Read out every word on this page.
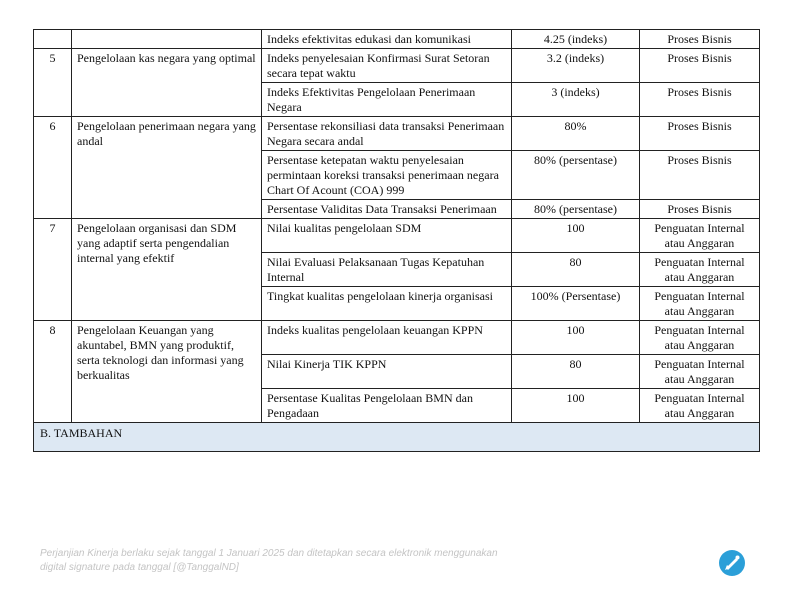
		Indeks efektivitas edukasi dan komunikasi	4.25 (indeks)	Proses Bisnis
5	Pengelolaan kas negara yang optimal	Indeks penyelesaian Konfirmasi Surat Setoran secara tepat waktu	3.2 (indeks)	Proses Bisnis
		Indeks Efektivitas Pengelolaan Penerimaan Negara	3 (indeks)	Proses Bisnis
6	Pengelolaan penerimaan negara yang andal	Persentase rekonsiliasi data transaksi Penerimaan Negara secara andal	80%	Proses Bisnis
		Persentase ketepatan waktu penyelesaian permintaan koreksi transaksi penerimaan negara Chart Of Acount (COA) 999	80% (persentase)	Proses Bisnis
		Persentase Validitas Data Transaksi Penerimaan	80% (persentase)	Proses Bisnis
7	Pengelolaan organisasi dan SDM yang adaptif serta pengendalian internal yang efektif	Nilai kualitas pengelolaan SDM	100	Penguatan Internal atau Anggaran
		Nilai Evaluasi Pelaksanaan Tugas Kepatuhan Internal	80	Penguatan Internal atau Anggaran
		Tingkat kualitas pengelolaan kinerja organisasi	100% (Persentase)	Penguatan Internal atau Anggaran
8	Pengelolaan Keuangan yang akuntabel, BMN yang produktif, serta teknologi dan informasi yang berkualitas	Indeks kualitas pengelolaan keuangan KPPN	100	Penguatan Internal atau Anggaran
		Nilai Kinerja TIK KPPN	80	Penguatan Internal atau Anggaran
		Persentase Kualitas Pengelolaan BMN dan Pengadaan	100	Penguatan Internal atau Anggaran
B. TAMBAHAN				
Perjanjian Kinerja berlaku sejak tanggal 1 Januari 2025 dan ditetapkan secara elektronik menggunakan
digital signature pada tanggal [@TanggalND]
